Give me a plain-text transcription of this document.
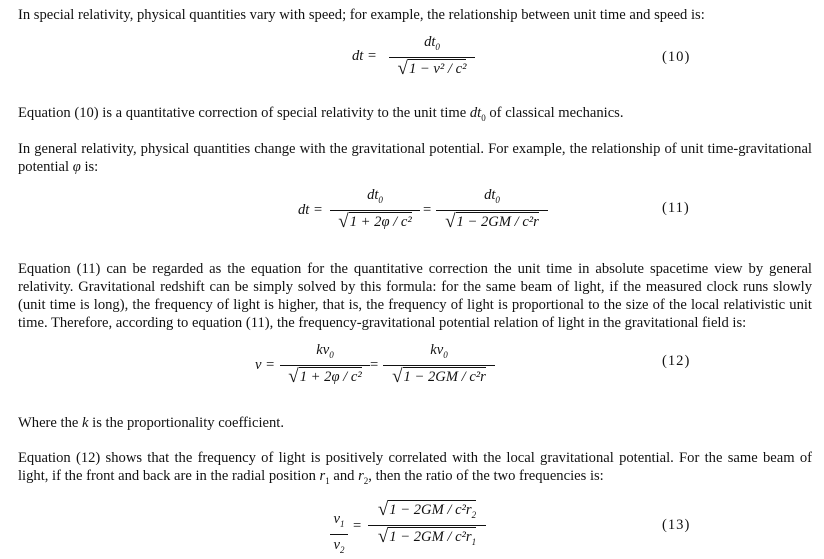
In special relativity, physical quantities vary with speed; for example, the relationship between unit time and speed is:
dt =
$dt_0$
√1 − v² / c²
(10)
Equation (10) is a quantitative correction of special relativity to the unit time $dt_0$ of classical mechanics.
In general relativity, physical quantities change with the gravitational potential. For example, the relationship of unit time-gravitational potential φ is:
dt =
$dt_0$
√1 + 2φ / c²
=
$dt_0$
√1 − 2GM / c²r
(11)
Equation (11) can be regarded as the equation for the quantitative correction the unit time in absolute spacetime view by general relativity. Gravitational redshift can be simply solved by this formula: for the same beam of light, if the measured clock runs slowly (unit time is long), the frequency of light is higher, that is, the frequency of light is proportional to the size of the local relativistic unit time. Therefore, according to equation (11), the frequency-gravitational potential relation of light in the gravitational field is:
ν =
$k\nu_0$
√1 + 2φ / c²
=
$k\nu_0$
√1 − 2GM / c²r
(12)
Where the k is the proportionality coefficient.
Equation (12) shows that the frequency of light is positively correlated with the local gravitational potential. For the same beam of light, if the front and back are in the radial position $r_1$ and $r_2$, then the ratio of the two frequencies is:
$\nu_1$
$\nu_2$
=
$√1 - 2GM / c^2r_2$
$√1 - 2GM / c^2r_1$
(13)
